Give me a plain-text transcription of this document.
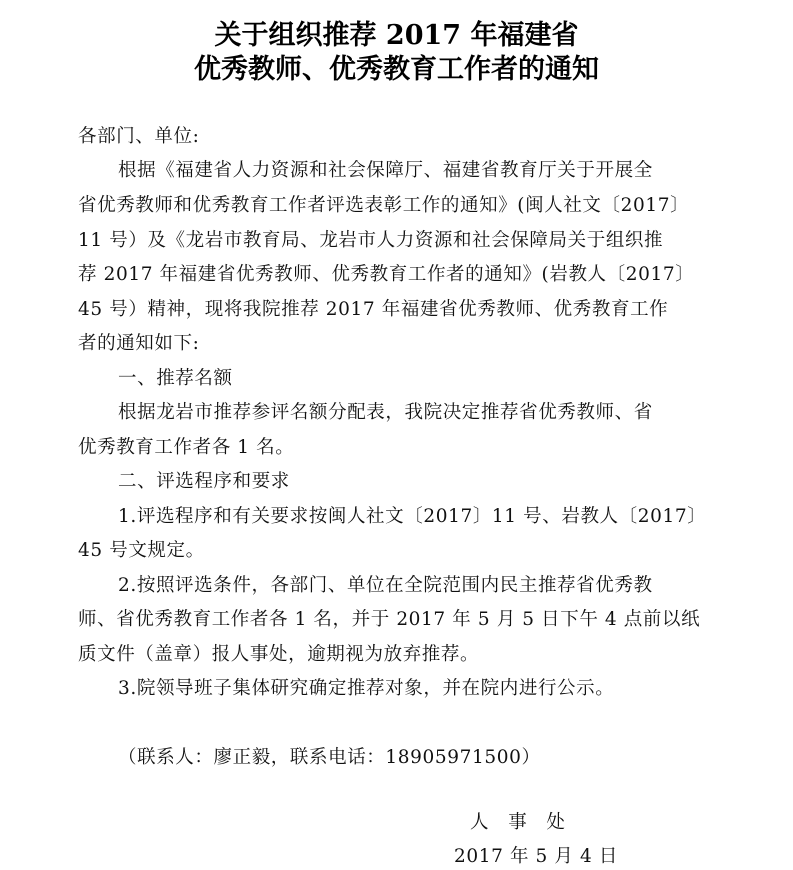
关于组织推荐 2017 年福建省
优秀教师、优秀教育工作者的通知
各部门、单位:
根据《福建省人力资源和社会保障厅、福建省教育厅关于开展全
省优秀教师和优秀教育工作者评选表彰工作的通知》(闽人社文〔2017〕
11 号）及《龙岩市教育局、龙岩市人力资源和社会保障局关于组织推
荐 2017 年福建省优秀教师、优秀教育工作者的通知》(岩教人〔2017〕
45 号）精神，现将我院推荐 2017 年福建省优秀教师、优秀教育工作
者的通知如下:
一、推荐名额
根据龙岩市推荐参评名额分配表，我院决定推荐省优秀教师、省
优秀教育工作者各 1 名。
二、评选程序和要求
1.评选程序和有关要求按闽人社文〔2017〕11 号、岩教人〔2017〕
45 号文规定。
2.按照评选条件，各部门、单位在全院范围内民主推荐省优秀教
师、省优秀教育工作者各 1 名，并于 2017 年 5 月 5 日下午 4 点前以纸
质文件（盖章）报人事处，逾期视为放弃推荐。
3.院领导班子集体研究确定推荐对象，并在院内进行公示。
（联系人：廖正毅，联系电话：18905971500）
人　事　处
2017 年 5 月 4 日
